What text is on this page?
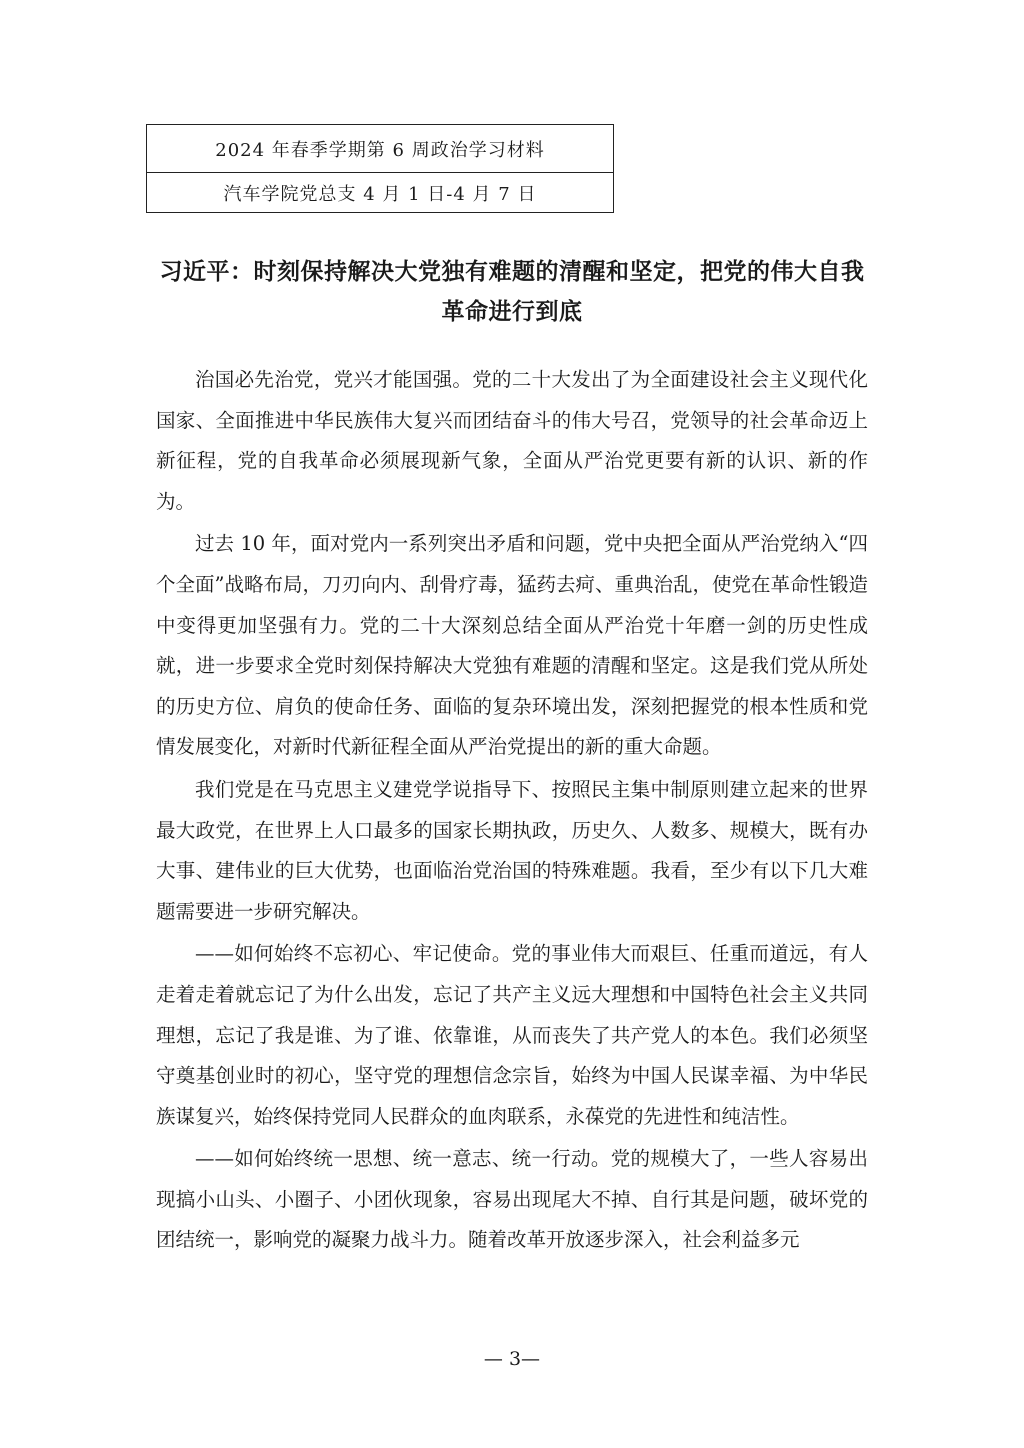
2024 年春季学期第 6 周政治学习材料
汽车学院党总支 4 月 1 日-4 月 7 日
习近平：时刻保持解决大党独有难题的清醒和坚定，把党的伟大自我革命进行到底

治国必先治党，党兴才能国强。党的二十大发出了为全面建设社会主义现代化国家、全面推进中华民族伟大复兴而团结奋斗的伟大号召，党领导的社会革命迈上新征程，党的自我革命必须展现新气象，全面从严治党更要有新的认识、新的作为。

过去 10 年，面对党内一系列突出矛盾和问题，党中央把全面从严治党纳入“四个全面”战略布局，刀刃向内、刮骨疗毒，猛药去疴、重典治乱，使党在革命性锻造中变得更加坚强有力。党的二十大深刻总结全面从严治党十年磨一剑的历史性成就，进一步要求全党时刻保持解决大党独有难题的清醒和坚定。这是我们党从所处的历史方位、肩负的使命任务、面临的复杂环境出发，深刻把握党的根本性质和党情发展变化，对新时代新征程全面从严治党提出的新的重大命题。

我们党是在马克思主义建党学说指导下、按照民主集中制原则建立起来的世界最大政党，在世界上人口最多的国家长期执政，历史久、人数多、规模大，既有办大事、建伟业的巨大优势，也面临治党治国的特殊难题。我看，至少有以下几大难题需要进一步研究解决。

——如何始终不忘初心、牢记使命。党的事业伟大而艰巨、任重而道远，有人走着走着就忘记了为什么出发，忘记了共产主义远大理想和中国特色社会主义共同理想，忘记了我是谁、为了谁、依靠谁，从而丧失了共产党人的本色。我们必须坚守奠基创业时的初心，坚守党的理想信念宗旨，始终为中国人民谋幸福、为中华民族谋复兴，始终保持党同人民群众的血肉联系，永葆党的先进性和纯洁性。

——如何始终统一思想、统一意志、统一行动。党的规模大了，一些人容易出现搞小山头、小圈子、小团伙现象，容易出现尾大不掉、自行其是问题，破坏党的团结统一，影响党的凝聚力战斗力。随着改革开放逐步深入，社会利益多元

— 3—
